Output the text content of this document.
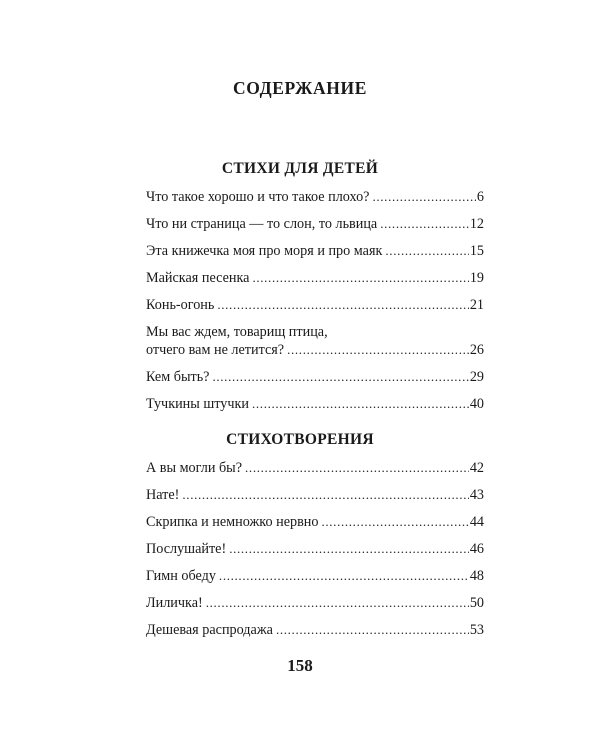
СОДЕРЖАНИЕ
СТИХИ ДЛЯ ДЕТЕЙ
Что такое хорошо и что такое плохо? . . .	6
Что ни страница — то слон, то львица . . .	12
Эта книжечка моя про моря и про маяк . . .	15
Майская песенка . . .	19
Конь-огонь . . .	21
Мы вас ждем, товарищ птица,
отчего вам не летится? . . .	26
Кем быть? . . .	29
Тучкины штучки . . .	40
СТИХОТВОРЕНИЯ
А вы могли бы? . . .	42
Нате! . . .	43
Скрипка и немножко нервно . . .	44
Послушайте! . . .	46
Гимн обеду . . .	48
Лиличка! . . .	50
Дешевая распродажа . . .	53
158
